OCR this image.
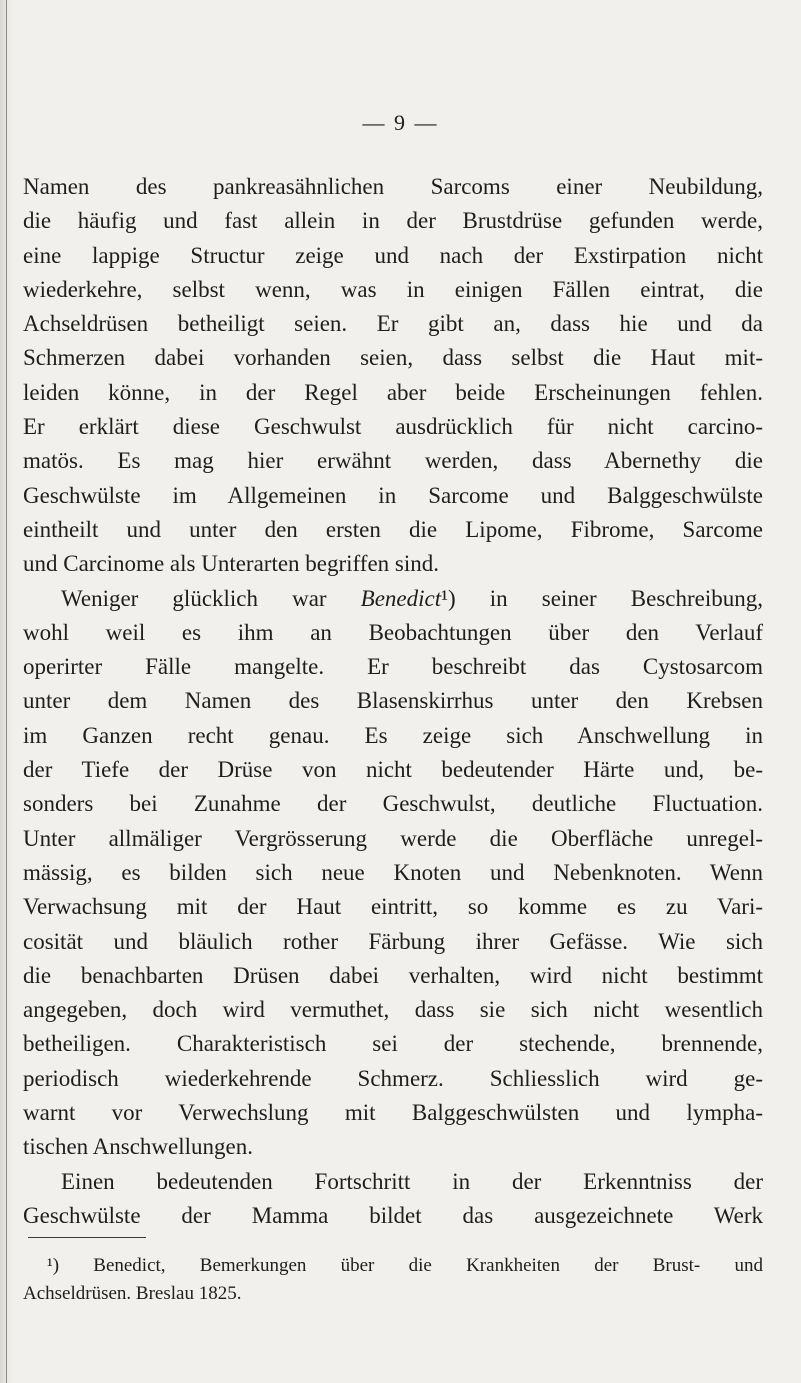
— 9 —
Namen des pankreasähnlichen Sarcoms einer Neubildung,
die häufig und fast allein in der Brustdrüse gefunden werde,
eine lappige Structur zeige und nach der Exstirpation nicht
wiederkehre, selbst wenn, was in einigen Fällen eintrat, die
Achseldrüsen betheiligt seien. Er gibt an, dass hie und da
Schmerzen dabei vorhanden seien, dass selbst die Haut mit-
leiden könne, in der Regel aber beide Erscheinungen fehlen.
Er erklärt diese Geschwulst ausdrücklich für nicht carcino-
matös. Es mag hier erwähnt werden, dass Abernethy die
Geschwülste im Allgemeinen in Sarcome und Balggeschwülste
eintheilt und unter den ersten die Lipome, Fibrome, Sarcome
und Carcinome als Unterarten begriffen sind.
Weniger glücklich war Benedict¹) in seiner Beschreibung,
wohl weil es ihm an Beobachtungen über den Verlauf
operirter Fälle mangelte. Er beschreibt das Cystosarcom
unter dem Namen des Blasenskirrhus unter den Krebsen
im Ganzen recht genau. Es zeige sich Anschwellung in
der Tiefe der Drüse von nicht bedeutender Härte und, be-
sonders bei Zunahme der Geschwulst, deutliche Fluctuation.
Unter allmäliger Vergrösserung werde die Oberfläche unregel-
mässig, es bilden sich neue Knoten und Nebenknoten. Wenn
Verwachsung mit der Haut eintritt, so komme es zu Vari-
cosität und bläulich rother Färbung ihrer Gefässe. Wie sich
die benachbarten Drüsen dabei verhalten, wird nicht bestimmt
angegeben, doch wird vermuthet, dass sie sich nicht wesentlich
betheiligen. Charakteristisch sei der stechende, brennende,
periodisch wiederkehrende Schmerz. Schliesslich wird ge-
warnt vor Verwechslung mit Balggeschwülsten und lympha-
tischen Anschwellungen.
Einen bedeutenden Fortschritt in der Erkenntniss der
Geschwülste der Mamma bildet das ausgezeichnete Werk
¹) Benedict, Bemerkungen über die Krankheiten der Brust- und
Achseldrüsen. Breslau 1825.
